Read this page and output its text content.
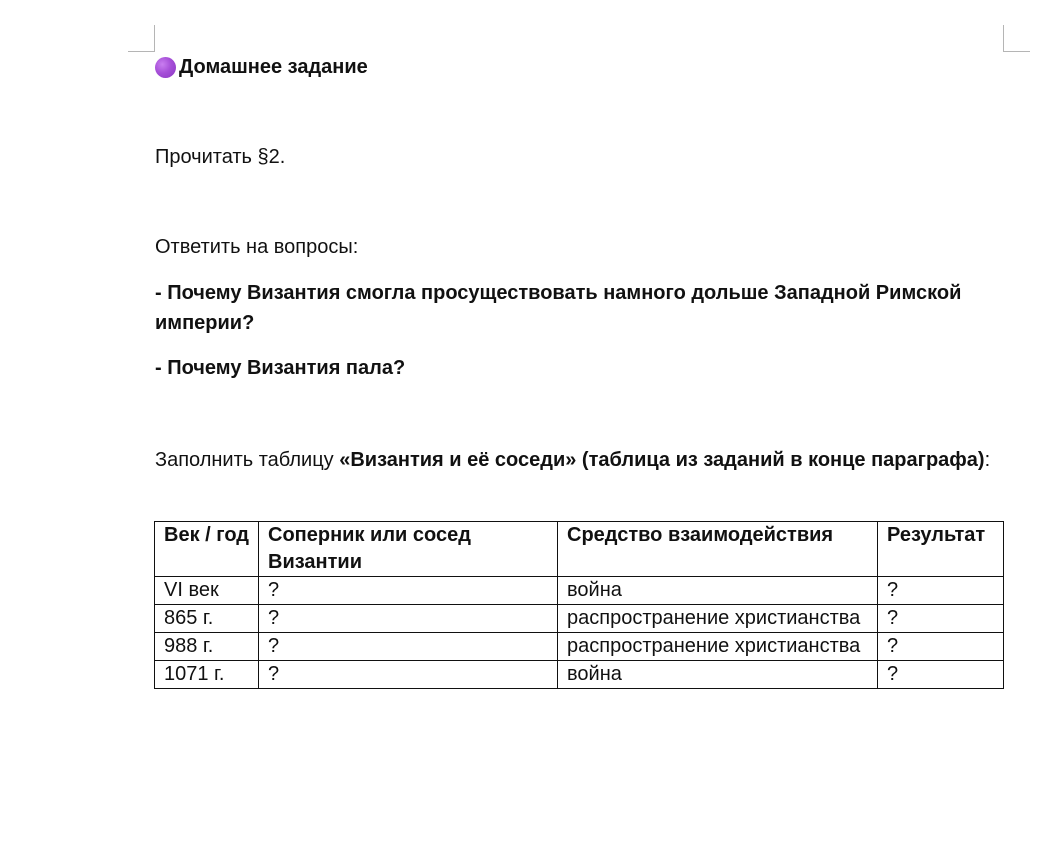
Домашнее задание

Прочитать §2.

Ответить на вопросы:

- Почему Византия смогла просуществовать намного дольше Западной Римской империи?

- Почему Византия пала?

Заполнить таблицу «Византия и её соседи» (таблица из заданий в конце параграфа):

Век / год	Соперник или сосед Византии	Средство взаимодействия	Результат
VI век	?	война	?
865 г.	?	распространение христианства	?
988 г.	?	распространение христианства	?
1071 г.	?	война	?
